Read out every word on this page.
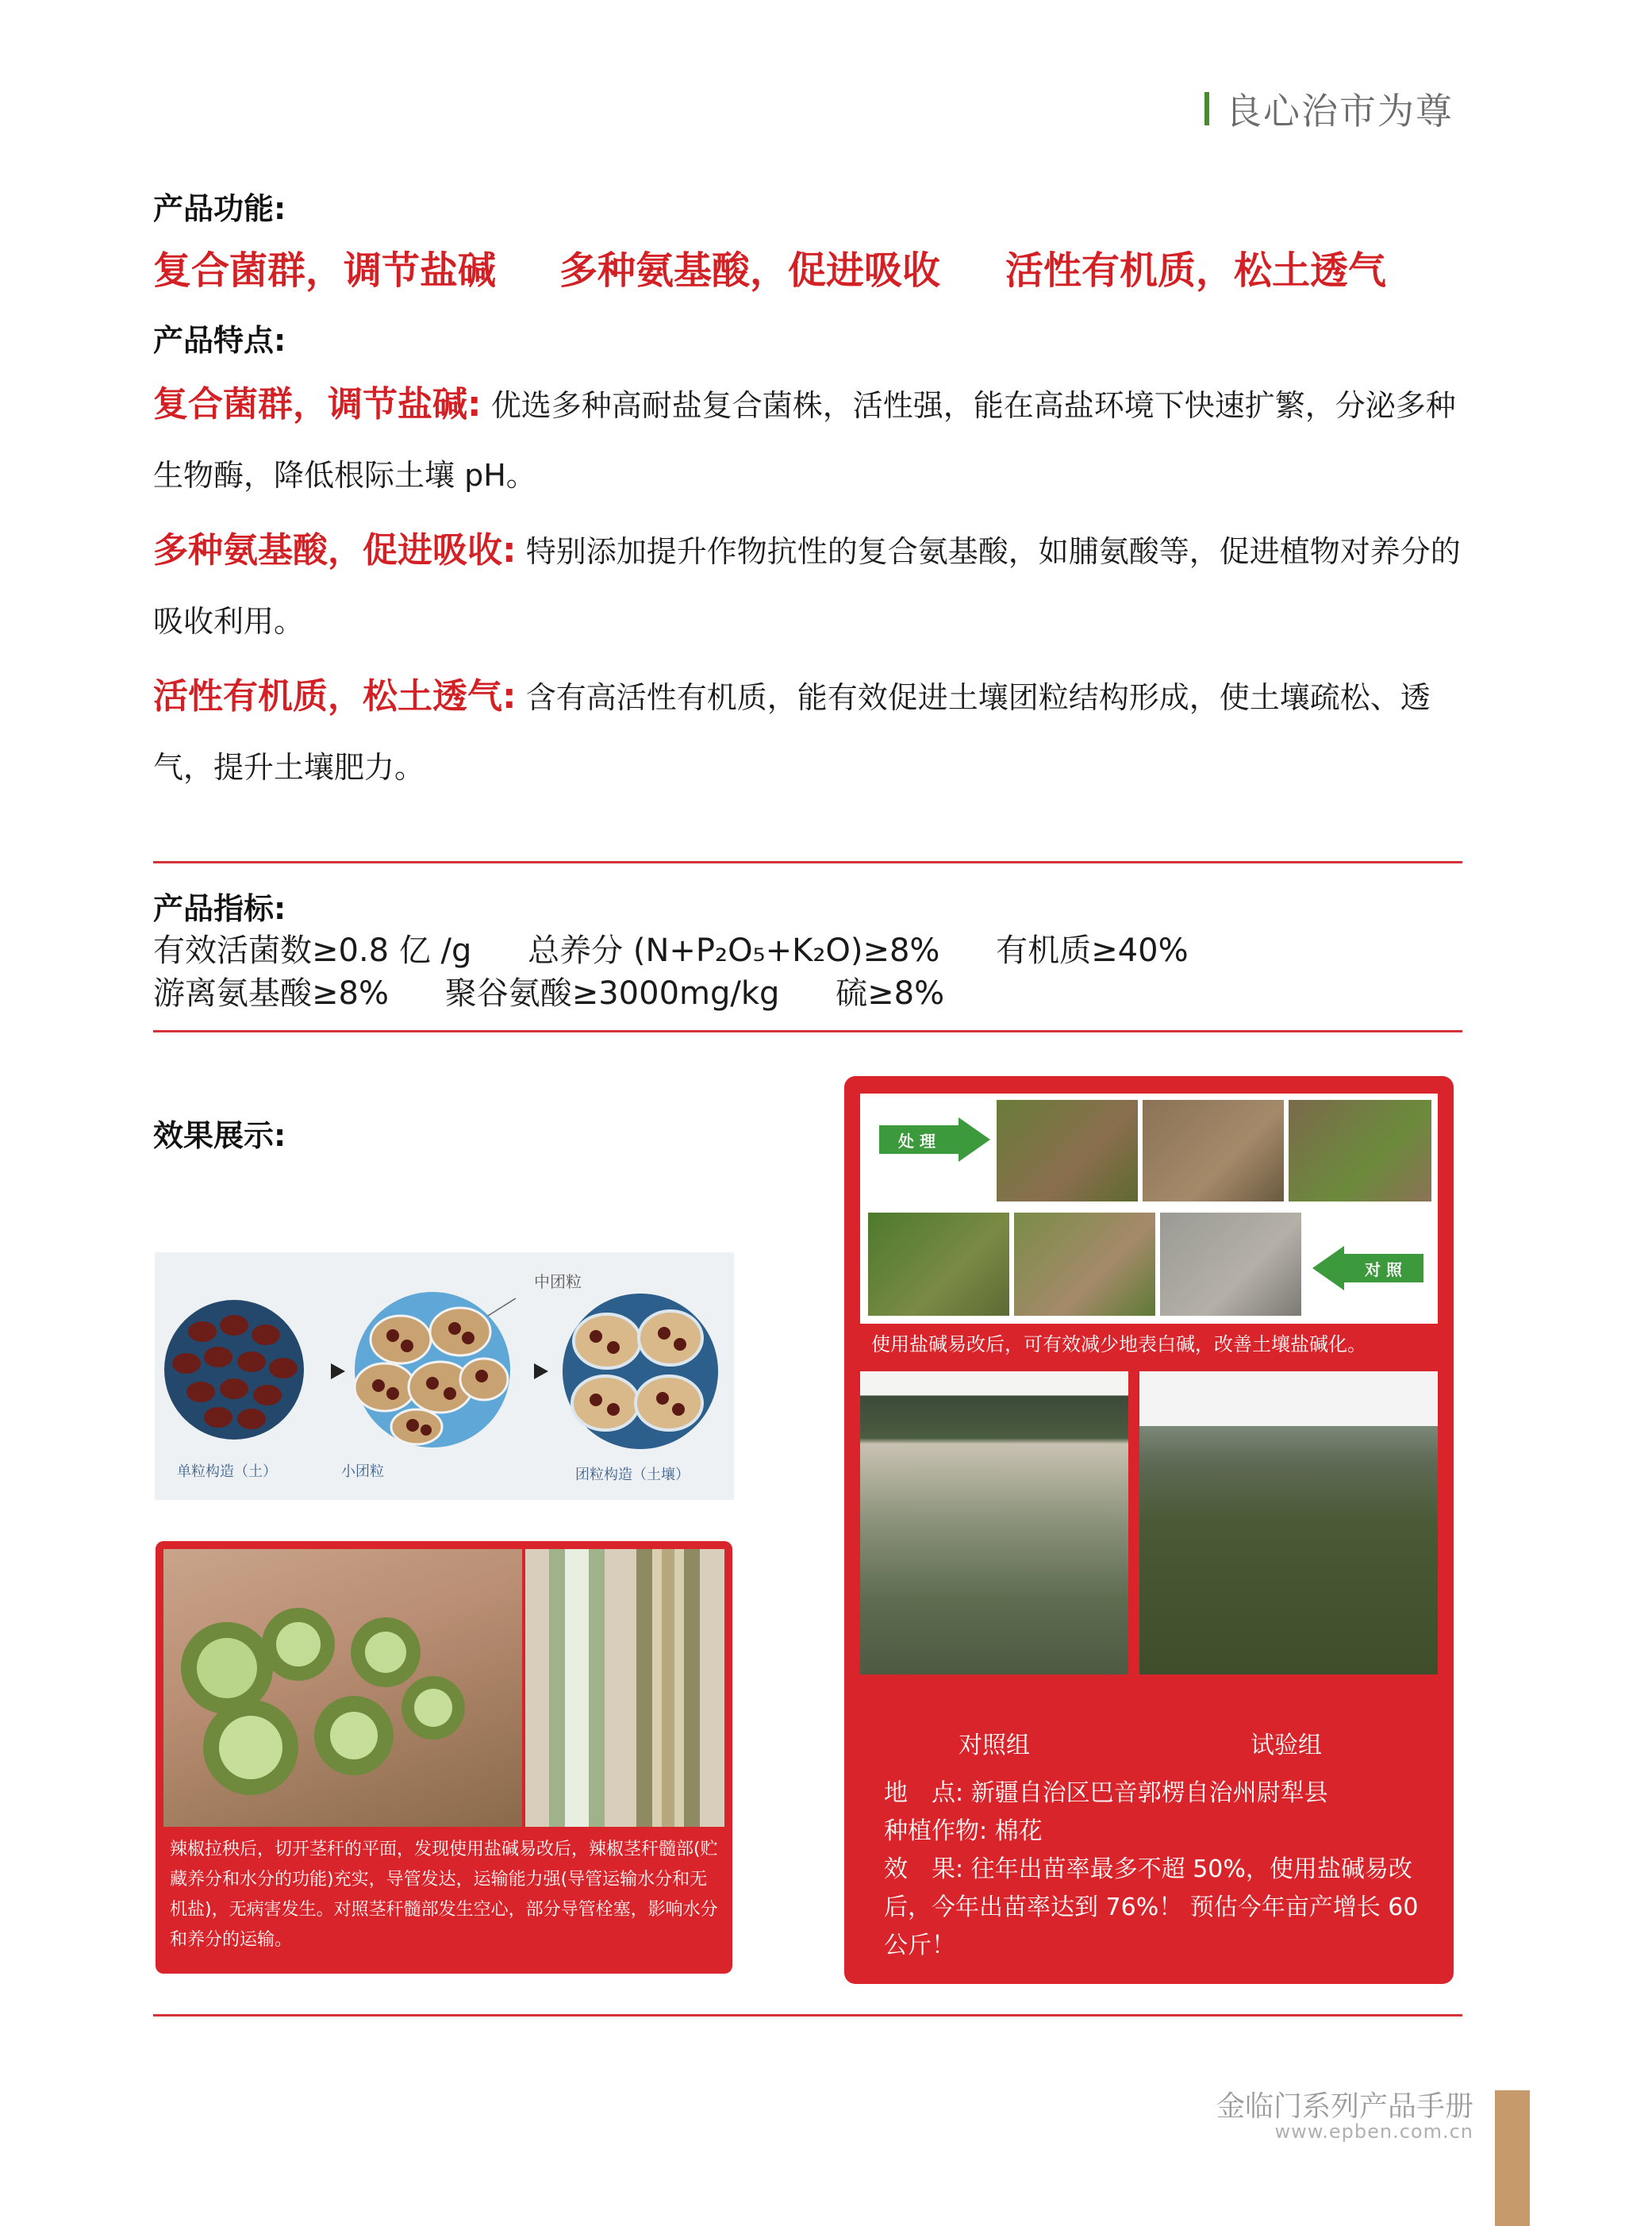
良心治市为尊
产品功能:
复合菌群，调节盐碱 多种氨基酸，促进吸收 活性有机质，松土透气
产品特点:
复合菌群，调节盐碱: 优选多种高耐盐复合菌株，活性强，能在高盐环境下快速扩繁，分泌多种生物酶，降低根际土壤 pH。
多种氨基酸，促进吸收: 特别添加提升作物抗性的复合氨基酸，如脯氨酸等，促进植物对养分的吸收利用。
活性有机质，松土透气: 含有高活性有机质，能有效促进土壤团粒结构形成，使土壤疏松、透气，提升土壤肥力。
产品指标:
有效活菌数≥0.8 亿 /g 总养分 (N+P₂O₅+K₂O)≥8% 有机质≥40%
游离氨基酸≥8% 聚谷氨酸≥3000mg/kg 硫≥8%
效果展示:
中团粒
单粒构造（土）	小团粒	团粒构造（土壤）
辣椒拉秧后，切开茎秆的平面，发现使用盐碱易改后，辣椒茎秆髓部(贮藏养分和水分的功能)充实，导管发达，运输能力强(导管运输水分和无机盐)，无病害发生。对照茎秆髓部发生空心，部分导管栓塞，影响水分和养分的运输。
处 理
对 照
使用盐碱易改后，可有效减少地表白碱，改善土壤盐碱化。
对照组	试验组
地　点: 新疆自治区巴音郭楞自治州尉犁县
种植作物: 棉花
效　果: 往年出苗率最多不超 50%，使用盐碱易改后，今年出苗率达到 76%！ 预估今年亩产增长 60 公斤！
金临门系列产品手册
www.epben.com.cn
